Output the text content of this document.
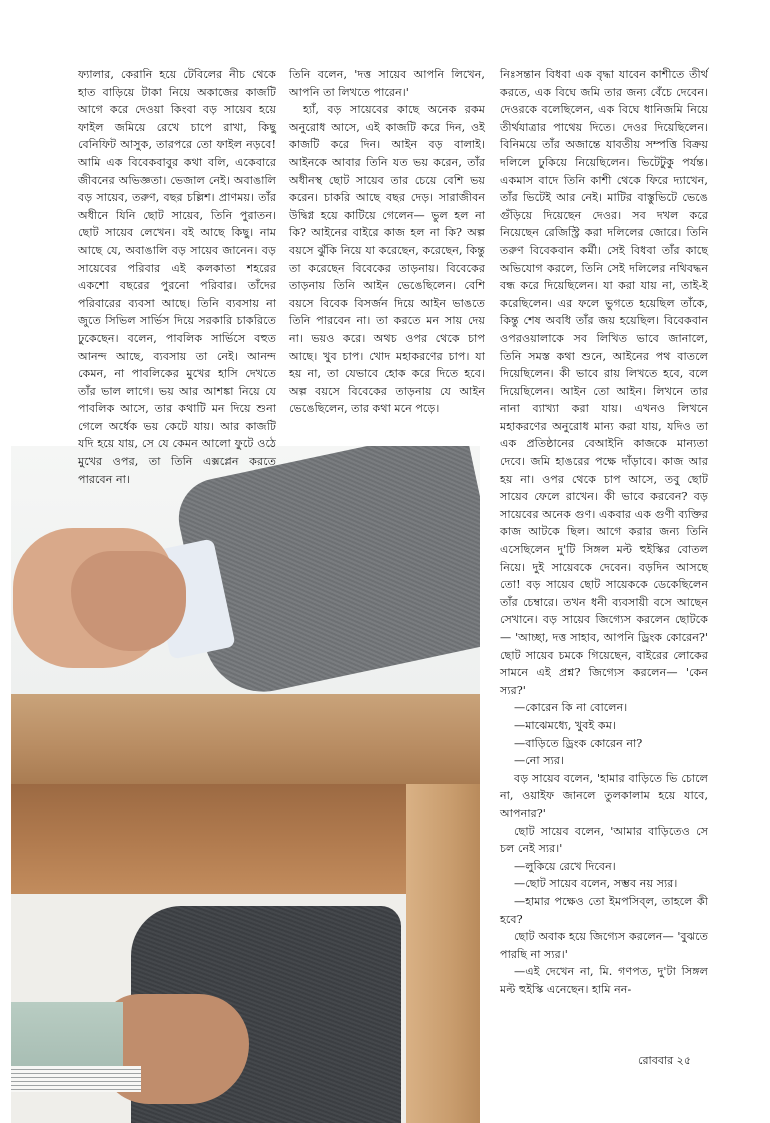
ফ্যালার, কেরানি হয়ে টেবিলের নীচ থেকে হাত বাড়িয়ে টাকা নিয়ে অকাজের কাজটি আগে করে দেওয়া কিংবা বড় সায়েব হয়ে ফাইল জমিয়ে রেখে চাপে রাখা, কিছু বেনিফিট আসুক, তারপরে তো ফাইল নড়বে! আমি এক বিবেকবাবুর কথা বলি, একেবারে জীবনের অভিজ্ঞতা। ভেজাল নেই। অবাঙালি বড় সায়েব, তরুণ, বছর চল্লিশ। প্রাণময়। তাঁর অধীনে যিনি ছোট সায়েব, তিনি পুরাতন। ছোট সায়েব লেখেন। বই আছে কিছু। নাম আছে যে, অবাঙালি বড় সায়েব জানেন। বড় সায়েবের পরিবার এই কলকাতা শহরের একশো বছরের পুরনো পরিবার। তাঁদের পরিবারের ব্যবসা আছে। তিনি ব্যবসায় না জুতে সিভিল সার্ভিস দিয়ে সরকারি চাকরিতে ঢুকেছেন। বলেন, পাবলিক সার্ভিসে বহুত আনন্দ আছে, ব্যবসায় তা নেই। আনন্দ কেমন, না পাবলিকের মুখের হাসি দেখতে তাঁর ভাল লাগে। ভয় আর আশঙ্কা নিয়ে যে পাবলিক আসে, তার কথাটি মন দিয়ে শুনা গেলে অর্ধেক ভয় কেটে যায়। আর কাজটি যদি হয়ে যায়, সে যে কেমন আলো ফুটে ওঠে মুখের ওপর, তা তিনি এক্সপ্লেন করতে পারবেন না।

তিনি বলেন, 'দত্ত সায়েব আপনি লিখেন, আপনি তা লিখতে পারেন।'

হ্যাঁ, বড় সায়েবের কাছে অনেক রকম অনুরোধ আসে, এই কাজটি করে দিন, ওই কাজটি করে দিন। আইন বড় বালাই। আইনকে আবার তিনি যত ভয় করেন, তাঁর অধীনস্থ ছোট সায়েব তার চেয়ে বেশি ভয় করেন। চাকরি আছে বছর দেড়। সারাজীবন উদ্বিগ্ন হয়ে কাটিয়ে গেলেন— ভুল হল না কি? আইনের বাইরে কাজ হল না কি? অল্প বয়সে ঝুঁকি নিয়ে যা করেছেন, করেছেন, কিন্তু তা করেছেন বিবেকের তাড়নায়। বিবেকের তাড়নায় তিনি আইন ভেঙেছিলেন। বেশি বয়সে বিবেক বিসর্জন দিয়ে আইন ভাঙতে তিনি পারবেন না। তা করতে মন সায় দেয় না। ভয়ও করে। অথচ ওপর থেকে চাপ আছে। খুব চাপ। খোদ মহাকরণের চাপ। যা হয় না, তা যেভাবে হোক করে দিতে হবে। অল্প বয়সে বিবেকের তাড়নায় যে আইন ভেঙেছিলেন, তার কথা মনে পড়ে।

নিঃসন্তান বিধবা এক বৃদ্ধা যাবেন কাশীতে তীর্থ করতে, এক বিঘে জমি তার জন্য বেঁচে দেবেন। দেওরকে বলেছিলেন, এক বিঘে ধানিজমি নিয়ে তীর্থযাত্রার পাথেয় দিতে। দেওর দিয়েছিলেন। বিনিময়ে তাঁর অজান্তে যাবতীয় সম্পত্তি বিক্রয় দলিলে ঢুকিয়ে নিয়েছিলেন। ভিটেটুকু পর্যন্ত। একমাস বাদে তিনি কাশী থেকে ফিরে দ্যাখেন, তাঁর ভিটেই আর নেই। মাটির বাস্তুভিটে ভেঙে গুঁড়িয়ে দিয়েছেন দেওর। সব দখল করে নিয়েছেন রেজিস্ট্রি করা দলিলের জোরে। তিনি তরুণ বিবেকবান কর্মী। সেই বিধবা তাঁর কাছে অভিযোগ করলে, তিনি সেই দলিলের নথিবদ্ধন বন্ধ করে দিয়েছিলেন। যা করা যায় না, তাই-ই করেছিলেন। এর ফলে ভুগতে হয়েছিল তাঁকে, কিন্তু শেষ অবধি তাঁর জয় হয়েছিল। বিবেকবান ওপরওয়ালাকে সব লিখিত ভাবে জানালে, তিনি সমস্ত কথা শুনে, আইনের পথ বাতলে দিয়েছিলেন। কী ভাবে রায় লিখতে হবে, বলে দিয়েছিলেন। আইন তো আইন। লিখনে তার নানা ব্যাখ্যা করা যায়। এখনও লিখনে মহাকরণের অনুরোধ মান্য করা যায়, যদিও তা এক প্রতিষ্ঠানের বেআইনি কাজকে মান্যতা দেবে। জমি হাঙরের পক্ষে দাঁড়াবে। কাজ আর হয় না। ওপর থেকে চাপ আসে, তবু ছোট সায়েব ফেলে রাখেন। কী ভাবে করবেন? বড় সায়েবের অনেক গুণ। একবার এক গুণী ব্যক্তির কাজ আটকে ছিল। আগে করার জন্য তিনি এসেছিলেন দু'টি সিঙ্গল মল্ট হুইস্কির বোতল নিয়ে। দুই সায়েবকে দেবেন। বড়দিন আসছে তো! বড় সায়েব ছোট সায়েককে ডেকেছিলেন তাঁর চেম্বারে। তখন ধনী ব্যবসায়ী বসে আছেন সেখানে। বড় সায়েব জিগ্যেস করলেন ছোটকে— 'আচ্ছা, দত্ত সাহাব, আপনি ড্রিংক কোরেন?' ছোট সায়েব চমকে গিয়েছেন, বাইরের লোকের সামনে এই প্রশ্ন? জিগ্যেস করলেন— 'কেন স্যর?'

—কোরেন কি না বোলেন।

—মাঝেমধ্যে, খুবই কম।

—বাড়িতে ড্রিংক কোরেন না?

—নো স্যর।

বড় সায়েব বলেন, 'হামার বাড়িতে ভি চোলে না, ওয়াইফ জানলে তুলকালাম হয়ে যাবে, আপনার?'

ছোট সায়েব বলেন, 'আমার বাড়িতেও সে চল নেই স্যর।'

—লুকিয়ে রেখে দিবেন।

—ছোট সায়েব বলেন, সম্ভব নয় স্যর।

—হামার পক্ষেও তো ইমপসিব্‌ল, তাহলে কী হবে?

ছোট অবাক হয়ে জিগ্যেস করলেন— 'বুঝতে পারছি না স্যর।'

—এই দেখেন না, মি. গণপত, দু'টা সিঙ্গল মল্ট হুইস্কি এনেছেন। হামি নন-

রোববার ২৫
